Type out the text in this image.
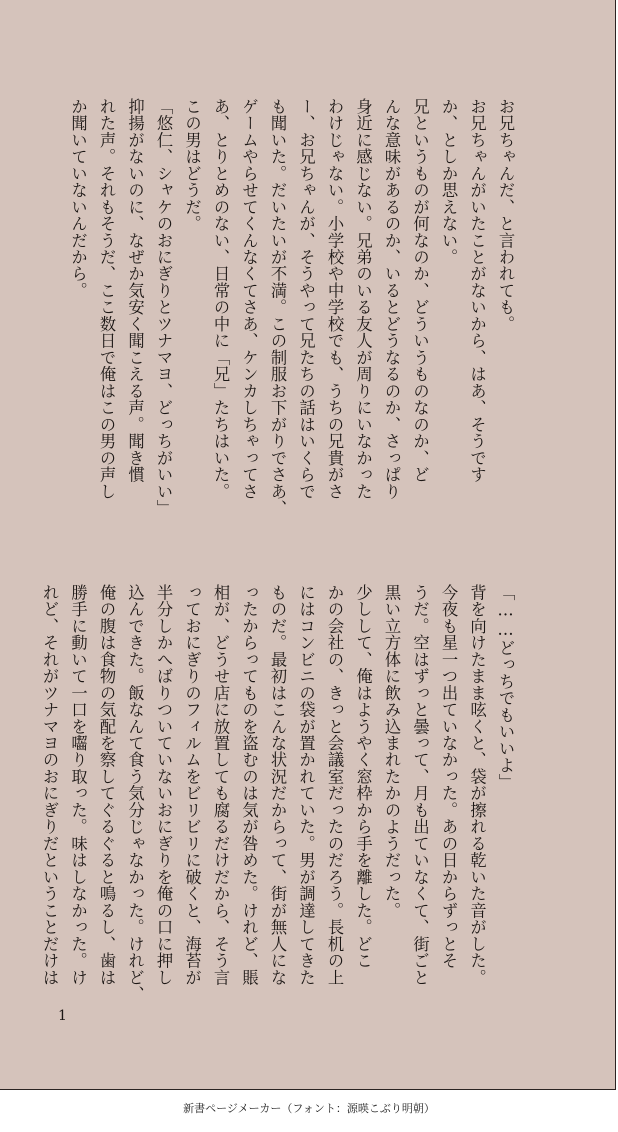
お兄ちゃんだ、と言われても。
お兄ちゃんがいたことがないから、はあ、そうです
か、としか思えない。
兄というものが何なのか、どういうものなのか、ど
んな意味があるのか、いるとどうなるのか、さっぱり
身近に感じない。兄弟のいる友人が周りにいなかった
わけじゃない。小学校や中学校でも、うちの兄貴がさ
ー、お兄ちゃんが、そうやって兄たちの話はいくらで
も聞いた。だいたいが不満。この制服お下がりでさあ、
ゲームやらせてくんなくてさあ、ケンカしちゃってさ
あ、とりとめのない、日常の中に「兄」たちはいた。
この男はどうだ。
「悠仁、シャケのおにぎりとツナマヨ、どっちがいい」
抑揚がないのに、なぜか気安く聞こえる声。聞き慣
れた声。それもそうだ、ここ数日で俺はこの男の声し
か聞いていないんだから。
「……どっちでもいいよ」
背を向けたまま呟くと、袋が擦れる乾いた音がした。
今夜も星一つ出ていなかった。あの日からずっとそ
うだ。空はずっと曇って、月も出ていなくて、街ごと
黒い立方体に飲み込まれたかのようだった。
少しして、俺はようやく窓枠から手を離した。どこ
かの会社の、きっと会議室だったのだろう。長机の上
にはコンビニの袋が置かれていた。男が調達してきた
ものだ。最初はこんな状況だからって、街が無人にな
ったからってものを盗むのは気が咎めた。けれど、賬
相が、どうせ店に放置しても腐るだけだから、そう言
っておにぎりのフィルムをビリビリに破くと、海苔が
半分しかへばりついていないおにぎりを俺の口に押し
込んできた。飯なんて食う気分じゃなかった。けれど、
俺の腹は食物の気配を察してぐるぐると鳴るし、歯は
勝手に動いて一口を囓り取った。味はしなかった。け
れど、それがツナマヨのおにぎりだということだけは
1
新書ページメーカー（フォント：源暎こぶり明朝）
